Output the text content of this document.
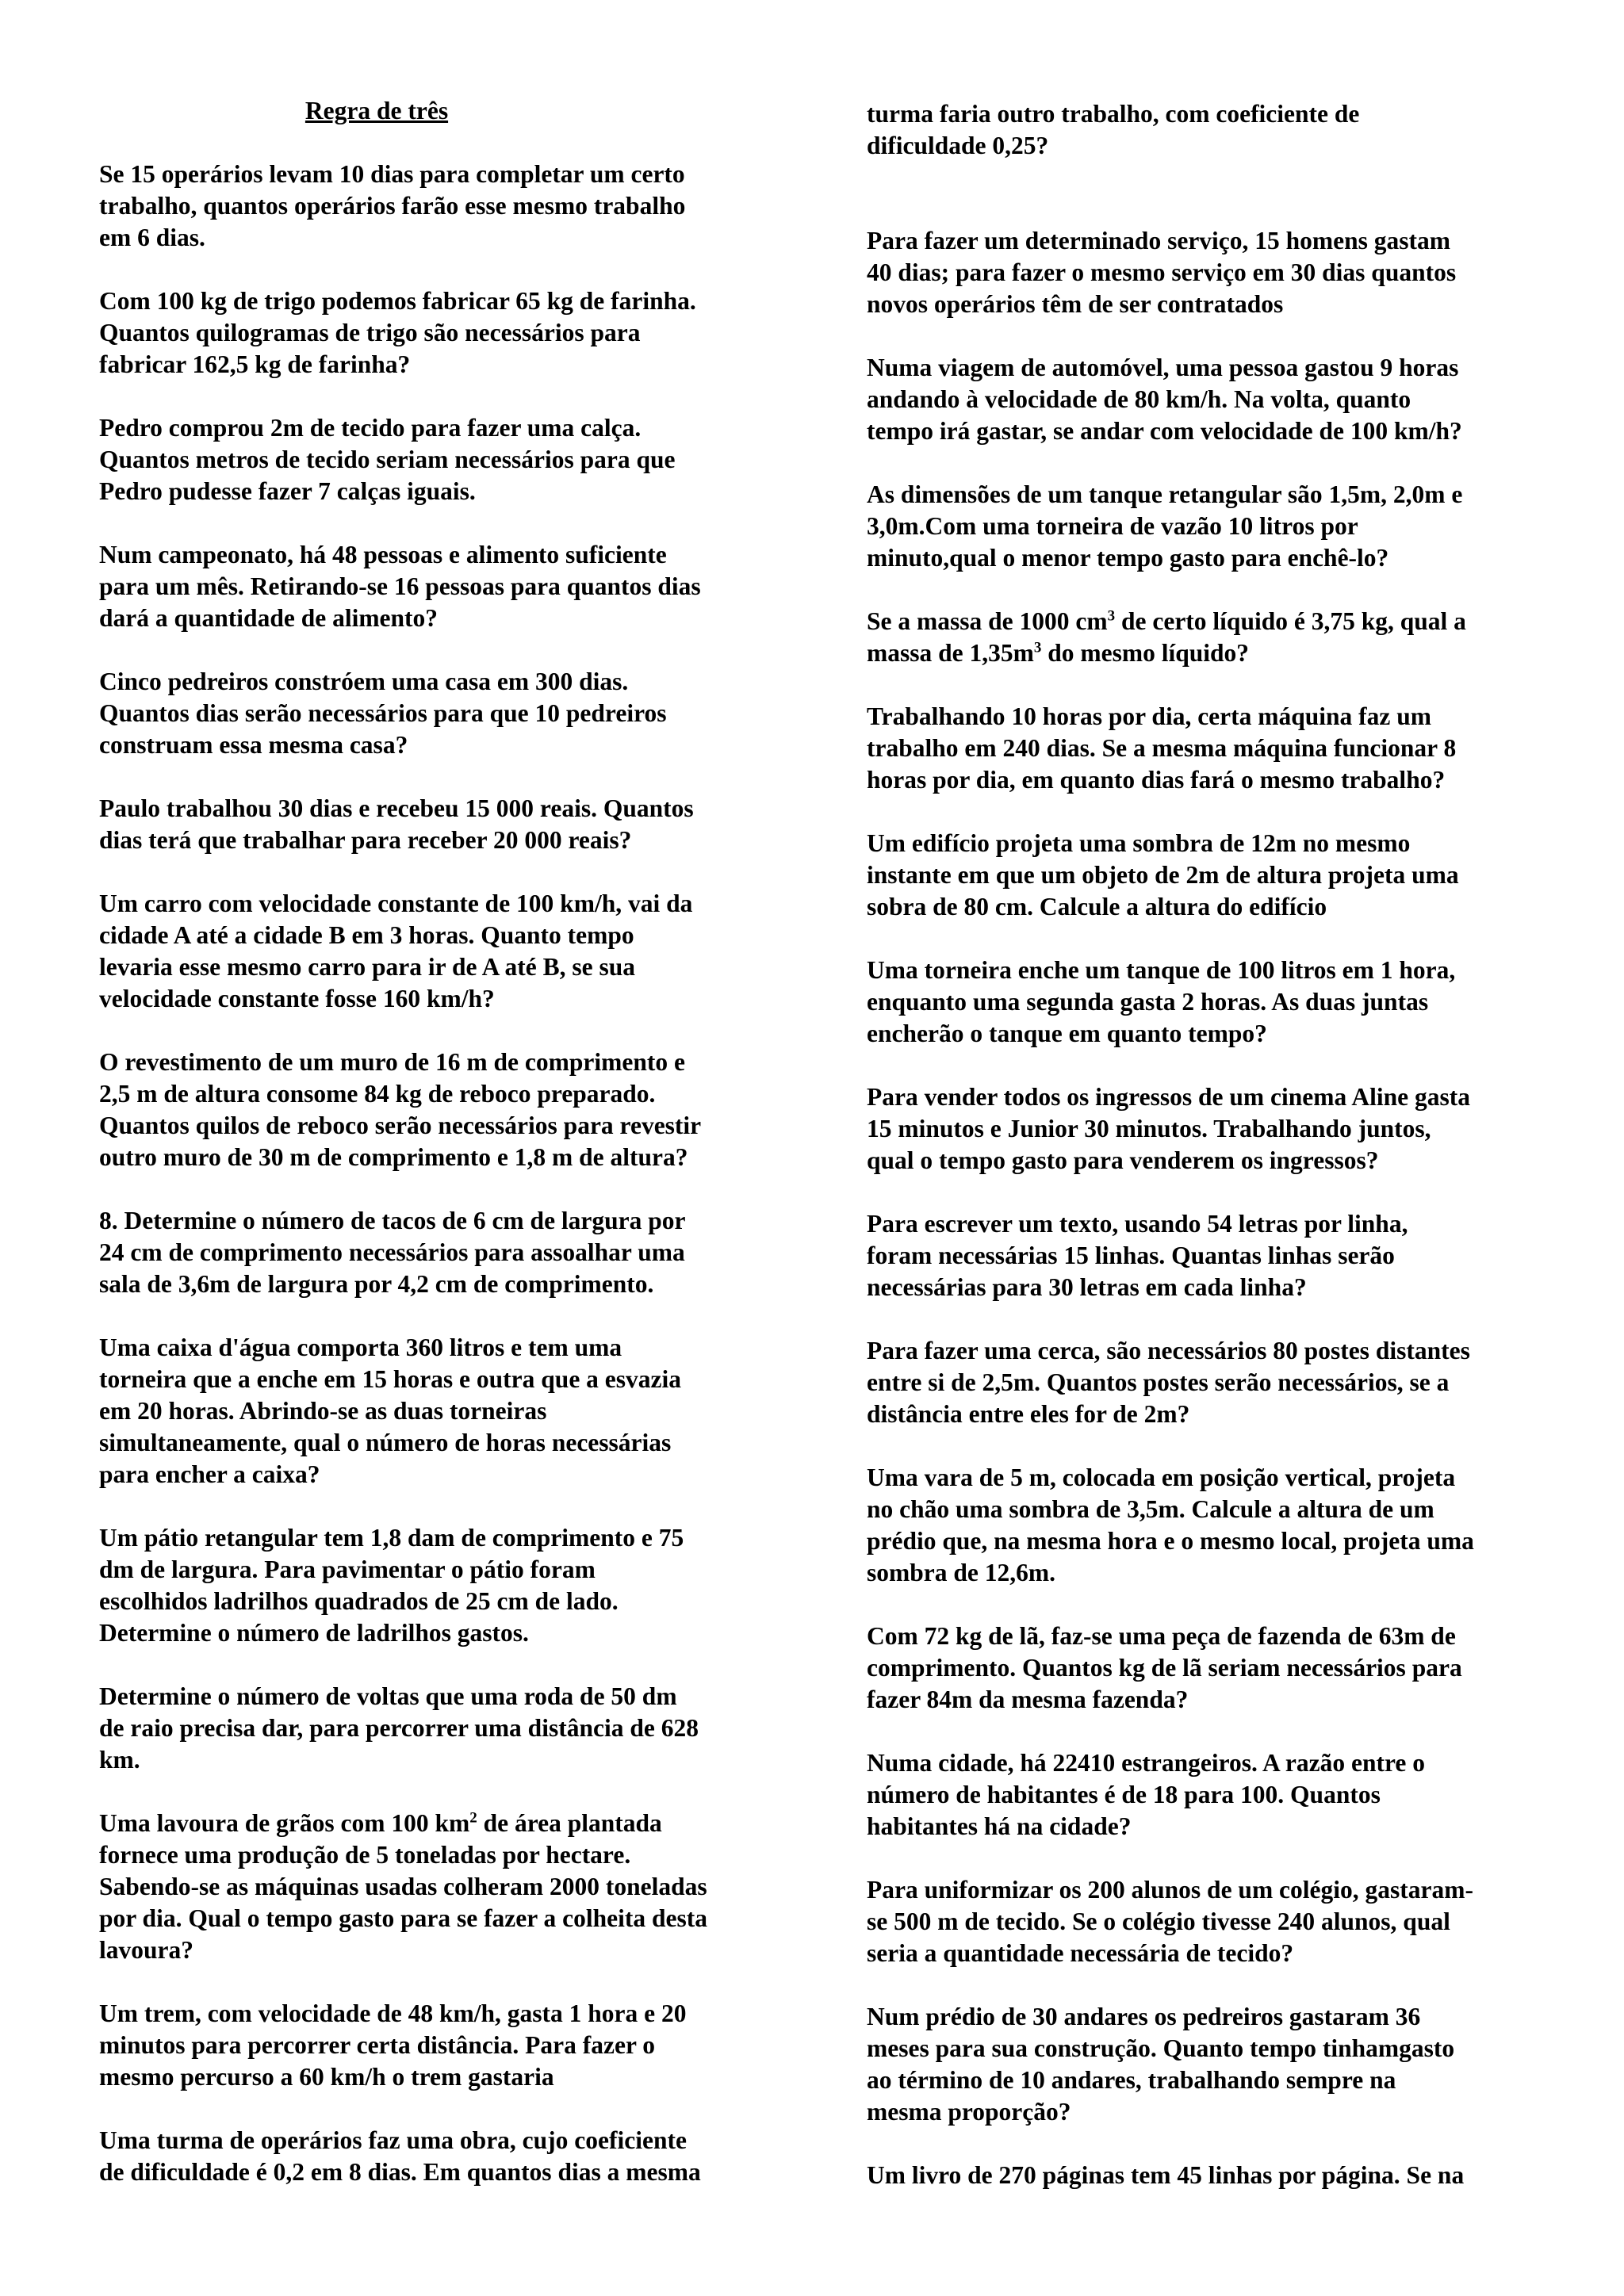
Regra de três
Se 15 operários levam 10 dias para completar um certo
trabalho, quantos operários farão esse mesmo trabalho
em 6 dias.
Com 100 kg de trigo podemos fabricar 65 kg de farinha.
Quantos quilogramas de trigo são necessários para
fabricar 162,5 kg de farinha?
Pedro comprou 2m de tecido para fazer uma calça.
Quantos metros de tecido seriam necessários para que
Pedro pudesse fazer 7 calças iguais.
Num campeonato, há 48 pessoas e alimento suficiente
para um mês. Retirando-se 16 pessoas para quantos dias
dará a quantidade de alimento?
Cinco pedreiros constróem uma casa em 300 dias.
Quantos dias serão necessários para que 10 pedreiros
construam essa mesma casa?
Paulo trabalhou 30 dias e recebeu 15 000 reais. Quantos
dias terá que trabalhar para receber 20 000 reais?
Um carro com velocidade constante de 100 km/h, vai da
cidade A até a cidade B em 3 horas. Quanto tempo
levaria esse mesmo carro para ir de A até B, se sua
velocidade constante fosse 160 km/h?
O revestimento de um muro de 16 m de comprimento e
2,5 m de altura consome 84 kg de reboco preparado.
Quantos quilos de reboco serão necessários para revestir
outro muro de 30 m de comprimento e 1,8 m de altura?
8. Determine o número de tacos de 6 cm de largura por
24 cm de comprimento necessários para assoalhar uma
sala de 3,6m de largura por 4,2 cm de comprimento.
Uma caixa d'água comporta 360 litros e tem uma
torneira que a enche em 15 horas e outra que a esvazia
em 20 horas. Abrindo-se as duas torneiras
simultaneamente, qual o número de horas necessárias
para encher a caixa?
Um pátio retangular tem 1,8 dam de comprimento e 75
dm de largura. Para pavimentar o pátio foram
escolhidos ladrilhos quadrados de 25 cm de lado.
Determine o número de ladrilhos gastos.
Determine o número de voltas que uma roda de 50 dm
de raio precisa dar, para percorrer uma distância de 628
km.
Uma lavoura de grãos com 100 $km^2$ de área plantada
fornece uma produção de 5 toneladas por hectare.
Sabendo-se as máquinas usadas colheram 2000 toneladas
por dia. Qual o tempo gasto para se fazer a colheita desta
lavoura?
Um trem, com velocidade de 48 km/h, gasta 1 hora e 20
minutos para percorrer certa distância. Para fazer o
mesmo percurso a 60 km/h o trem gastaria
Uma turma de operários faz uma obra, cujo coeficiente
de dificuldade é 0,2 em 8 dias. Em quantos dias a mesma
turma faria outro trabalho, com coeficiente de
dificuldade 0,25?
Para fazer um determinado serviço, 15 homens gastam
40 dias; para fazer o mesmo serviço em 30 dias quantos
novos operários têm de ser contratados
Numa viagem de automóvel, uma pessoa gastou 9 horas
andando à velocidade de 80 km/h. Na volta, quanto
tempo irá gastar, se andar com velocidade de 100 km/h?
As dimensões de um tanque retangular são 1,5m, 2,0m e
3,0m.Com uma torneira de vazão 10 litros por
minuto,qual o menor tempo gasto para enchê-lo?
Se a massa de 1000 $cm^3$ de certo líquido é 3,75 kg, qual a
massa de $1,35m^3$ do mesmo líquido?
Trabalhando 10 horas por dia, certa máquina faz um
trabalho em 240 dias. Se a mesma máquina funcionar 8
horas por dia, em quanto dias fará o mesmo trabalho?
Um edifício projeta uma sombra de 12m no mesmo
instante em que um objeto de 2m de altura projeta uma
sobra de 80 cm. Calcule a altura do edifício
Uma torneira enche um tanque de 100 litros em 1 hora,
enquanto uma segunda gasta 2 horas. As duas juntas
encherão o tanque em quanto tempo?
Para vender todos os ingressos de um cinema Aline gasta
15 minutos e Junior 30 minutos. Trabalhando juntos,
qual o tempo gasto para venderem os ingressos?
Para escrever um texto, usando 54 letras por linha,
foram necessárias 15 linhas. Quantas linhas serão
necessárias para 30 letras em cada linha?
Para fazer uma cerca, são necessários 80 postes distantes
entre si de 2,5m. Quantos postes serão necessários, se a
distância entre eles for de 2m?
Uma vara de 5 m, colocada em posição vertical, projeta
no chão uma sombra de 3,5m. Calcule a altura de um
prédio que, na mesma hora e o mesmo local, projeta uma
sombra de 12,6m.
Com 72 kg de lã, faz-se uma peça de fazenda de 63m de
comprimento. Quantos kg de lã seriam necessários para
fazer 84m da mesma fazenda?
Numa cidade, há 22410 estrangeiros. A razão entre o
número de habitantes é de 18 para 100. Quantos
habitantes há na cidade?
Para uniformizar os 200 alunos de um colégio, gastaram-
se 500 m de tecido. Se o colégio tivesse 240 alunos, qual
seria a quantidade necessária de tecido?
Num prédio de 30 andares os pedreiros gastaram 36
meses para sua construção. Quanto tempo tinhamgasto
ao término de 10 andares, trabalhando sempre na
mesma proporção?
Um livro de 270 páginas tem 45 linhas por página. Se na
